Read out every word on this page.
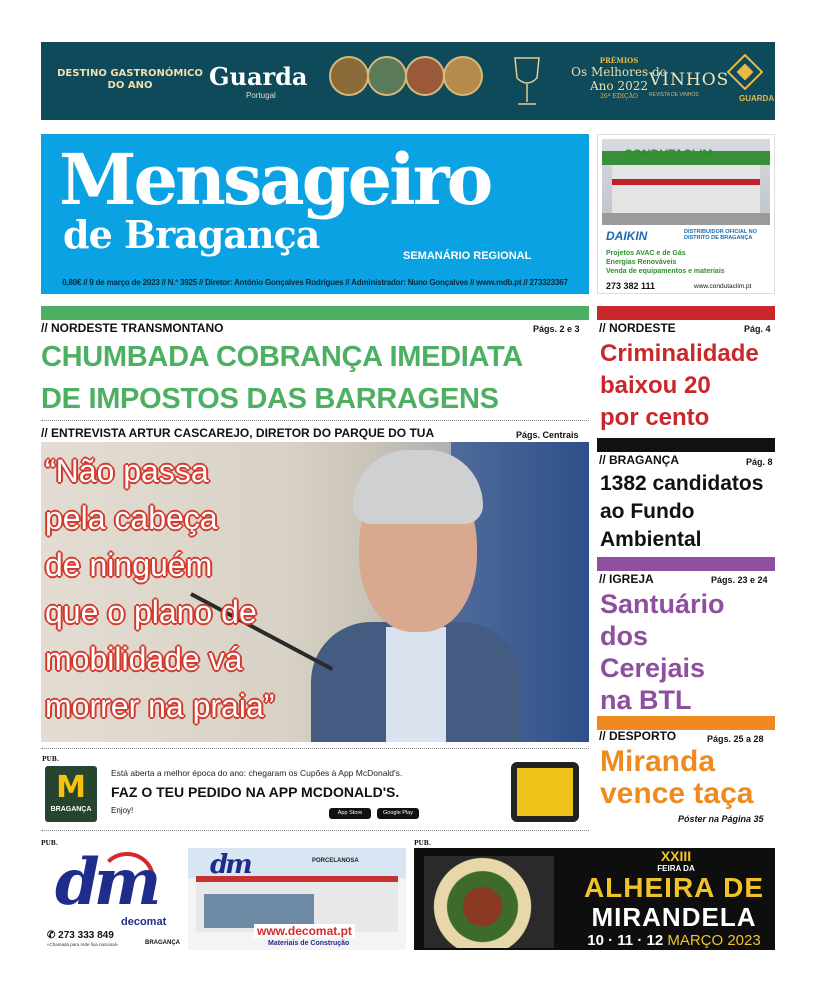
DESTINO GASTRONÓMICO DO ANO	Guarda
Portugal
PRÉMIOS
Os Melhores do Ano 2022
26ª EDIÇÃO
VINHOS
REVISTA DE VINHOS	GUARDA
Mensageiro
de Bragança	SEMANÁRIO REGIONAL
0,80€ // 9 de março de 2023 // N.º 3925 // Diretor: António Gonçalves Rodrigues // Administrador: Nuno Gonçalves // www.mdb.pt // 273323367
CONDUTACLIM
DAIKIN	DISTRIBUIDOR OFICIAL NO DISTRITO DE BRAGANÇA
Projetos AVAC e de Gás
Energias Renováveis
Venda de equipamentos e materiais
273 382 111	www.condutaclim.pt
// NORDESTE TRANSMONTANO	Págs. 2 e 3
CHUMBADA COBRANÇA IMEDIATA
DE IMPOSTOS DAS BARRAGENS
// ENTREVISTA ARTUR CASCAREJO, DIRETOR DO PARQUE DO TUA	Págs. Centrais
“Não passa
pela cabeça
de ninguém
que o plano de
mobilidade vá
morrer na praia”
// NORDESTE	Pág. 4
Criminalidade
baixou 20
por cento
// BRAGANÇA	Pág. 8
1382 candidatos
ao Fundo
Ambiental
// IGREJA	Págs. 23 e 24
Santuário
dos
Cerejais
na BTL
// DESPORTO	Págs. 25 a 28
Miranda
vence taça
Póster na Página 35
PUB.
M
BRAGANÇA
Está aberta a melhor época do ano: chegaram os Cupões à App McDonald's.
FAZ O TEU PEDIDO NA APP MCDONALD'S.
Enjoy!	App Store	Google Play
PUB.
dm
decomat
✆ 273 333 849
«Chamada para rede fixa nacional»	BRAGANÇA
dm	PORCELANOSA
www.decomat.pt
Materiais de Construção
PUB.
XXIII
FEIRA DA
ALHEIRA DE
MIRANDELA
10 · 11 · 12 MARÇO 2023
